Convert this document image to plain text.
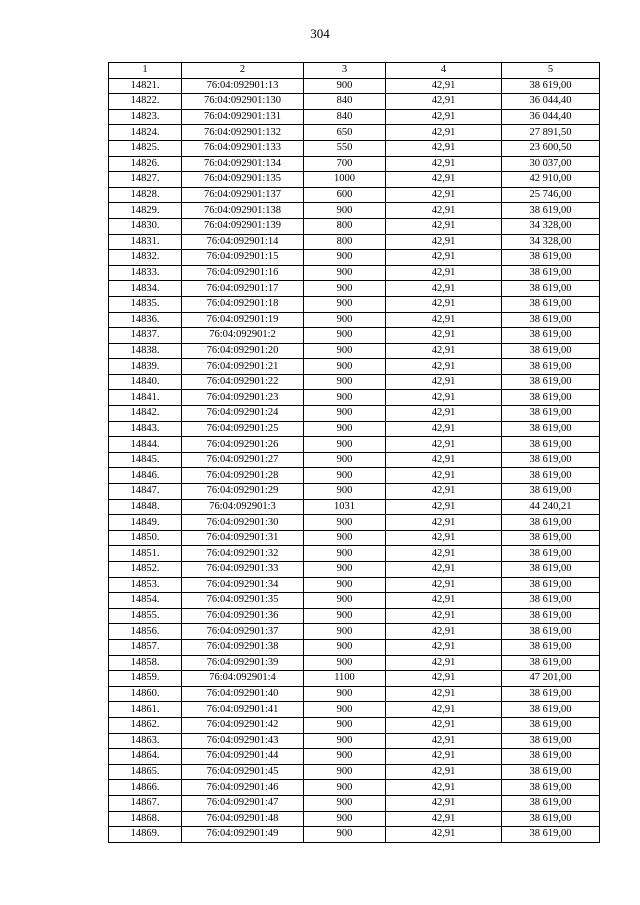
304
1	2	3	4	5
14821.	76:04:092901:13	900	42,91	38 619,00
14822.	76:04:092901:130	840	42,91	36 044,40
14823.	76:04:092901:131	840	42,91	36 044,40
14824.	76:04:092901:132	650	42,91	27 891,50
14825.	76:04:092901:133	550	42,91	23 600,50
14826.	76:04:092901:134	700	42,91	30 037,00
14827.	76:04:092901:135	1000	42,91	42 910,00
14828.	76:04:092901:137	600	42,91	25 746,00
14829.	76:04:092901:138	900	42,91	38 619,00
14830.	76:04:092901:139	800	42,91	34 328,00
14831.	76:04:092901:14	800	42,91	34 328,00
14832.	76:04:092901:15	900	42,91	38 619,00
14833.	76:04:092901:16	900	42,91	38 619,00
14834.	76:04:092901:17	900	42,91	38 619,00
14835.	76:04:092901:18	900	42,91	38 619,00
14836.	76:04:092901:19	900	42,91	38 619,00
14837.	76:04:092901:2	900	42,91	38 619,00
14838.	76:04:092901:20	900	42,91	38 619,00
14839.	76:04:092901:21	900	42,91	38 619,00
14840.	76:04:092901:22	900	42,91	38 619,00
14841.	76:04:092901:23	900	42,91	38 619,00
14842.	76:04:092901:24	900	42,91	38 619,00
14843.	76:04:092901:25	900	42,91	38 619,00
14844.	76:04:092901:26	900	42,91	38 619,00
14845.	76:04:092901:27	900	42,91	38 619,00
14846.	76:04:092901:28	900	42,91	38 619,00
14847.	76:04:092901:29	900	42,91	38 619,00
14848.	76:04:092901:3	1031	42,91	44 240,21
14849.	76:04:092901:30	900	42,91	38 619,00
14850.	76:04:092901:31	900	42,91	38 619,00
14851.	76:04:092901:32	900	42,91	38 619,00
14852.	76:04:092901:33	900	42,91	38 619,00
14853.	76:04:092901:34	900	42,91	38 619,00
14854.	76:04:092901:35	900	42,91	38 619,00
14855.	76:04:092901:36	900	42,91	38 619,00
14856.	76:04:092901:37	900	42,91	38 619,00
14857.	76:04:092901:38	900	42,91	38 619,00
14858.	76:04:092901:39	900	42,91	38 619,00
14859.	76:04:092901:4	1100	42,91	47 201,00
14860.	76:04:092901:40	900	42,91	38 619,00
14861.	76:04:092901:41	900	42,91	38 619,00
14862.	76:04:092901:42	900	42,91	38 619,00
14863.	76:04:092901:43	900	42,91	38 619,00
14864.	76:04:092901:44	900	42,91	38 619,00
14865.	76:04:092901:45	900	42,91	38 619,00
14866.	76:04:092901:46	900	42,91	38 619,00
14867.	76:04:092901:47	900	42,91	38 619,00
14868.	76:04:092901:48	900	42,91	38 619,00
14869.	76:04:092901:49	900	42,91	38 619,00
